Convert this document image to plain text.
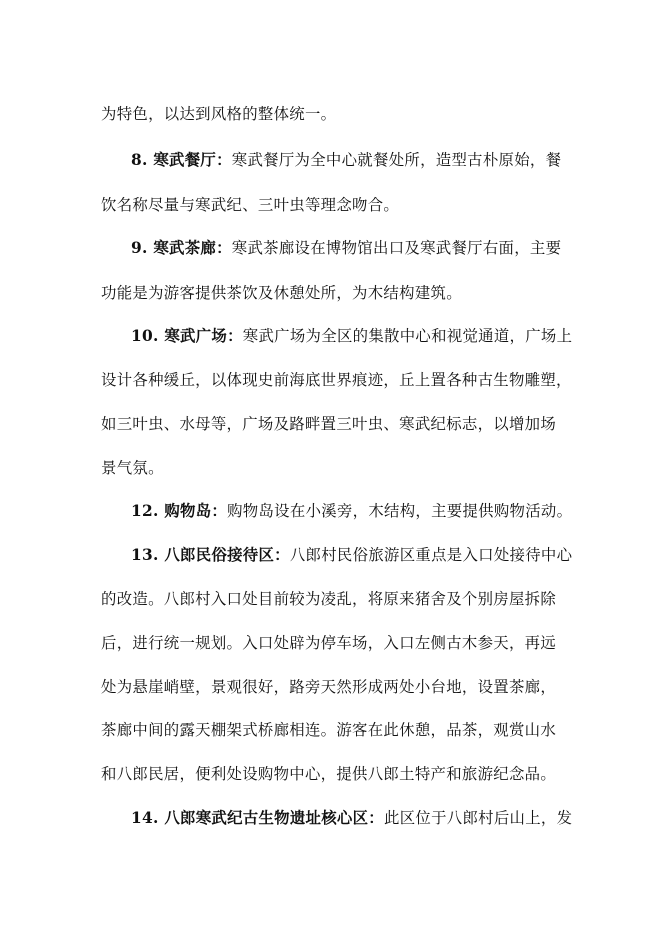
为特色，以达到风格的整体统一。
8. 寒武餐厅：寒武餐厅为全中心就餐处所，造型古朴原始，餐
饮名称尽量与寒武纪、三叶虫等理念吻合。
9. 寒武茶廊：寒武茶廊设在博物馆出口及寒武餐厅右面，主要
功能是为游客提供茶饮及休憩处所，为木结构建筑。
10. 寒武广场：寒武广场为全区的集散中心和视觉通道，广场上
设计各种缓丘，以体现史前海底世界痕迹，丘上置各种古生物雕塑，
如三叶虫、水母等，广场及路畔置三叶虫、寒武纪标志，以增加场
景气氛。
12. 购物岛：购物岛设在小溪旁，木结构，主要提供购物活动。
13. 八郎民俗接待区：八郎村民俗旅游区重点是入口处接待中心
的改造。八郎村入口处目前较为凌乱，将原来猪舍及个别房屋拆除
后，进行统一规划。入口处辟为停车场，入口左侧古木参天，再远
处为悬崖峭壁，景观很好，路旁天然形成两处小台地，设置茶廊，
茶廊中间的露天棚架式桥廊相连。游客在此休憩，品茶，观赏山水
和八郎民居，便利处设购物中心，提供八郎土特产和旅游纪念品。
14. 八郎寒武纪古生物遗址核心区：此区位于八郎村后山上，发
